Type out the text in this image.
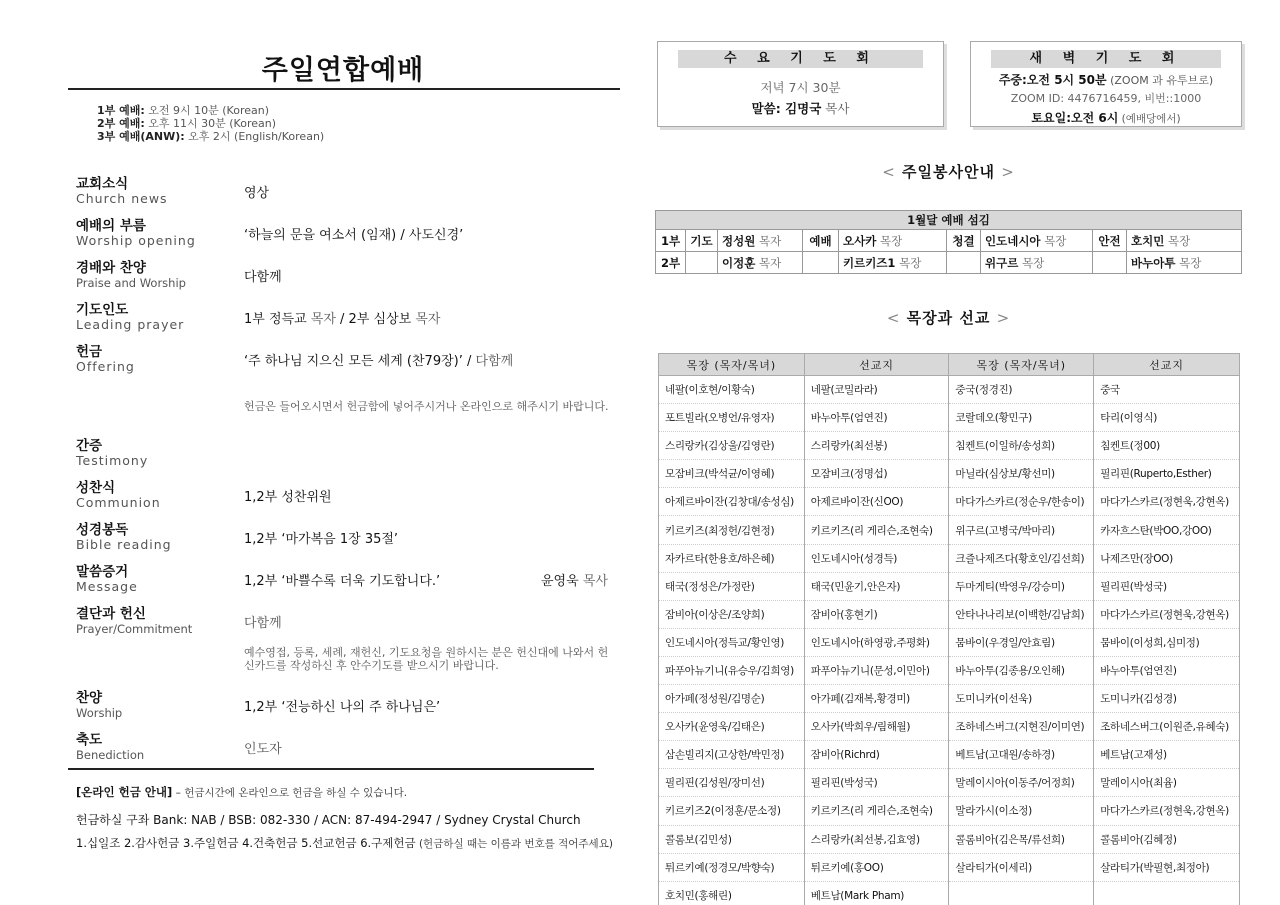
주일연합예배
1부 예배: 오전 9시 10분 (Korean)
2부 예배: 오후 11시 30분 (Korean)
3부 예배(ANW): 오후 2시 (English/Korean)
교회소식
Church news	영상
예배의 부름
Worship opening	‘하늘의 문을 여소서 (임재) / 사도신경’
경배와 찬양
Praise and Worship	다함께
기도인도
Leading prayer	1부 정득교 목자 / 2부 심상보 목자
헌금
Offering	‘주 하나님 지으신 모든 세계 (찬79장)’ / 다함께
헌금은 들어오시면서 헌금함에 넣어주시거나 온라인으로 해주시기 바랍니다.
간증
Testimony
성찬식
Communion	1,2부 성찬위원
성경봉독
Bible reading	1,2부 ‘마가복음 1장 35절’
말씀증거
Message	1,2부 ‘바쁠수록 더욱 기도합니다.’	윤영욱 목사
결단과 헌신
Prayer/Commitment	다함께
예수영접, 등록, 세례, 재헌신, 기도요청을 원하시는 분은 헌신대에 나와서 헌신카드를 작성하신 후 안수기도를 받으시기 바랍니다.
찬양
Worship	1,2부 ‘전능하신 나의 주 하나님은’
축도
Benediction	인도자
[온라인 헌금 안내] – 헌금시간에 온라인으로 헌금을 하실 수 있습니다.
헌금하실 구좌 Bank: NAB / BSB: 082-330 / ACN: 87-494-2947 / Sydney Crystal Church
1.십일조 2.감사헌금 3.주일헌금 4.건축헌금 5.선교헌금 6.구제헌금 (헌금하실 때는 이름과 번호를 적어주세요)
수 요 기 도 회
저녁 7시 30분
말씀: 김명국 목사
새 벽 기 도 회
주중:오전 5시 50분 (ZOOM 과 유투브로)
ZOOM ID: 4476716459, 비번::1000
토요일:오전 6시 (예배당에서)
< 주일봉사안내 >
1월달 예배 섬김								
1부	기도	정성원 목자	예배	오사카 목장	청결	인도네시아 목장	안전	호치민 목장
2부		이정훈 목자		키르키즈1 목장		위구르 목장		바누아투 목장
< 목장과 선교 >
목장 (목자/목녀)	선교지	목장 (목자/목녀)	선교지
네팔(이호현/이황숙)	네팔(코밀라라)	중국(정경진)	중국
포트빌라(오병언/유영자)	바누아투(엄연진)	코랄데오(황민구)	타리(이영식)
스리랑카(김상울/김영란)	스리랑카(최선봉)	침켄트(이일하/송성희)	침켄트(정00)
모잠비크(박석균/이영혜)	모잠비크(정명섭)	마닐라(심상보/황선미)	필리핀(Ruperto,Esther)
아제르바이잔(김창대/송성심)	아제르바이잔(신OO)	마다가스카르(정순우/한송이)	마다가스카르(정현욱,강현옥)
키르키즈(최정헌/김현정)	키르키즈(리 게리슨,조현숙)	위구르(고병국/박마리)	카자흐스탄(박OO,강OO)
자카르타(한용호/하은혜)	인도네시아(성경득)	크즐나제즈다(황호인/김선희)	나제즈만(장OO)
태국(정성은/가정란)	태국(민윤기,안은자)	두마게티(박영우/강승미)	필리핀(박성국)
잠비아(이상은/조양희)	잠비아(홍현기)	안타나나리보(이백한/김남희)	마다가스카르(정현욱,강현옥)
인도네시아(정득교/황인영)	인도네시아(하영광,주평화)	뭄바이(우경일/안효림)	뭄바이(이성희,심미정)
파푸아뉴기니(유승우/김희영)	파푸아뉴기니(문성,이민아)	바누아투(김종용/오인해)	바누아투(엄연진)
아가페(정성원/김명순)	아가페(김재복,황경미)	도미니카(이선욱)	도미니카(김성경)
오사카(윤영욱/김태은)	오사카(박희우/림해월)	조하네스버그(지현진/이미연)	조하네스버그(이원준,유혜숙)
삼손빌리지(고상한/박민정)	잠비아(Richrd)	베트남(고대원/송하경)	베트남(고재성)
필리핀(김성원/장미선)	필리핀(박성국)	말레이시아(이동주/어정희)	말레이시아(최윰)
키르키즈2(이정훈/문소정)	키르키즈(리 게리슨,조현숙)	말라가시(이소정)	마다가스카르(정현욱,강현옥)
콜롬보(김민성)	스리랑카(최선봉,김효영)	콜롬비아(김은목/류선희)	콜롬비아(김혜정)
튀르키예(정경모/박향숙)	튀르키예(홍OO)	살라티가(이세리)	살라티가(박필현,최정아)
호치민(홍해린)	베트남(Mark Pham)		
